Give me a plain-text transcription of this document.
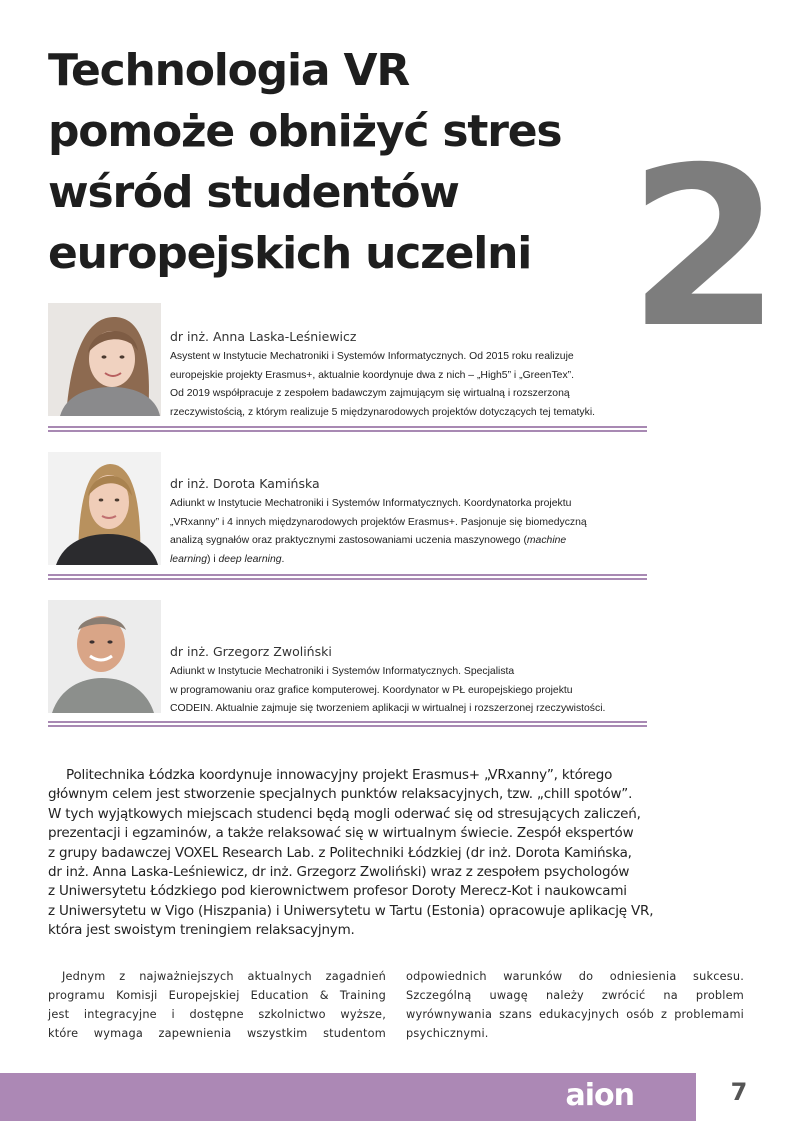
Technologia VR
pomoże obniżyć stres
wśród studentów
europejskich uczelni 2
dr inż. Anna Laska-Leśniewicz
Asystent w Instytucie Mechatroniki i Systemów Informatycznych. Od 2015 roku realizuje
europejskie projekty Erasmus+, aktualnie koordynuje dwa z nich – „High5” i „GreenTex”.
Od 2019 współpracuje z zespołem badawczym zajmującym się wirtualną i rozszerzoną
rzeczywistością, z którym realizuje 5 międzynarodowych projektów dotyczących tej tematyki.
dr inż. Dorota Kamińska
Adiunkt w Instytucie Mechatroniki i Systemów Informatycznych. Koordynatorka projektu
„VRxanny” i 4 innych międzynarodowych projektów Erasmus+. Pasjonuje się biomedyczną
analizą sygnałów oraz praktycznymi zastosowaniami uczenia maszynowego (machine
learning) i deep learning.
dr inż. Grzegorz Zwoliński
Adiunkt w Instytucie Mechatroniki i Systemów Informatycznych. Specjalista
w programowaniu oraz grafice komputerowej. Koordynator w PŁ europejskiego projektu
CODEIN. Aktualnie zajmuje się tworzeniem aplikacji w wirtualnej i rozszerzonej rzeczywistości.
Politechnika Łódzka koordynuje innowacyjny projekt Erasmus+ „VRxanny”, którego
głównym celem jest stworzenie specjalnych punktów relaksacyjnych, tzw. „chill spotów”.
W tych wyjątkowych miejscach studenci będą mogli oderwać się od stresujących zaliczeń,
prezentacji i egzaminów, a także relaksować się w wirtualnym świecie. Zespół ekspertów
z grupy badawczej VOXEL Research Lab. z Politechniki Łódzkiej (dr inż. Dorota Kamińska,
dr inż. Anna Laska-Leśniewicz, dr inż. Grzegorz Zwoliński) wraz z zespołem psychologów
z Uniwersytetu Łódzkiego pod kierownictwem profesor Doroty Merecz-Kot i naukowcami
z Uniwersytetu w Vigo (Hiszpania) i Uniwersytetu w Tartu (Estonia) opracowuje aplikację VR,
która jest swoistym treningiem relaksacyjnym.
Jednym z najważniejszych aktualnych zagadnień
programu Komisji Europejskiej Education & Training
jest integracyjne i dostępne szkolnictwo wyższe,
które wymaga zapewnienia wszystkim studentom
odpowiednich warunków do odniesienia sukcesu.
Szczególną uwagę należy zwrócić na problem
wyrównywania szans edukacyjnych osób z problemami
psychicznymi.
aion	7
